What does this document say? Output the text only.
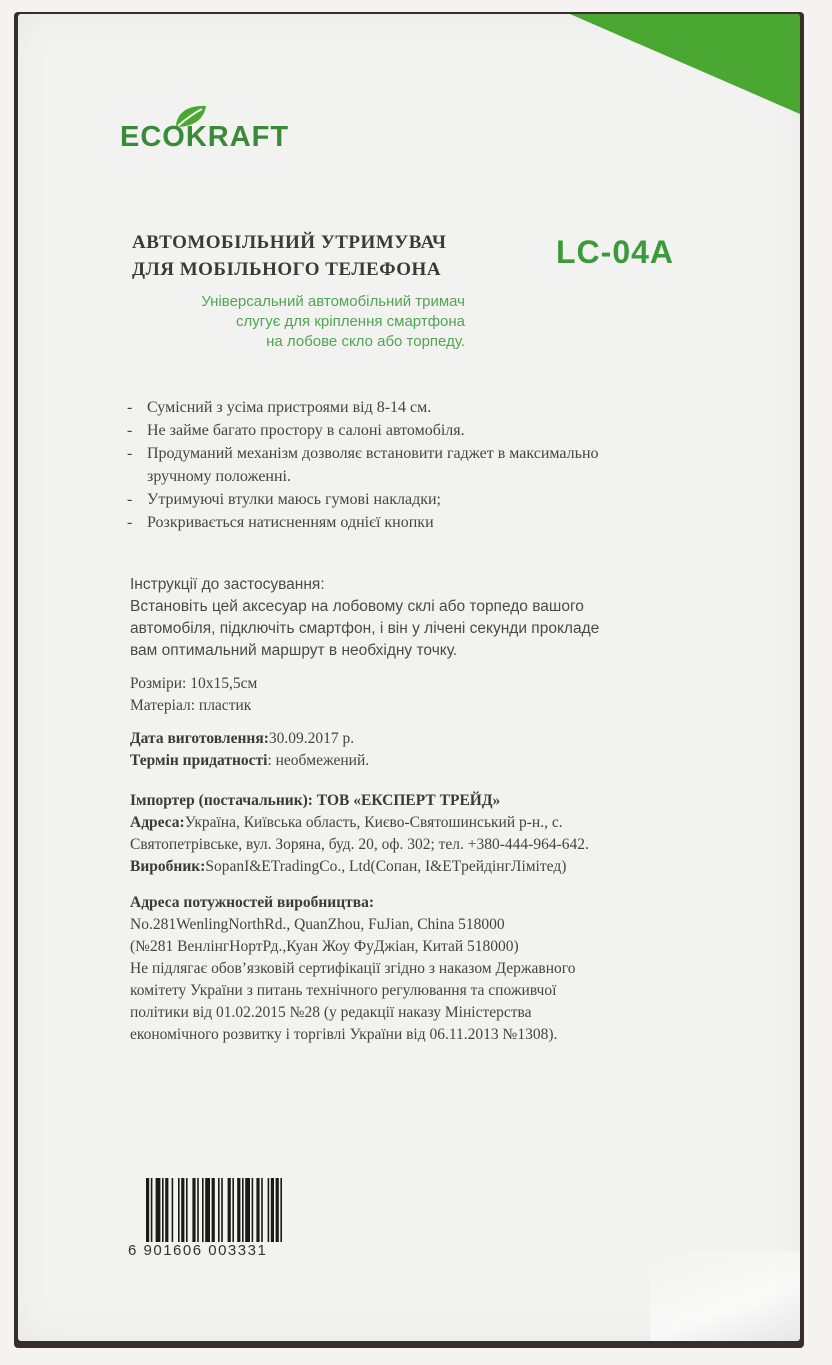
ECOKRAFT
АВТОМОБІЛЬНИЙ УТРИМУВАЧ
ДЛЯ МОБІЛЬНОГО ТЕЛЕФОНА	LC-04A
Універсальний автомобільний тримач
слугує для кріплення смартфона
на лобове скло або торпеду.
- Сумісний з усіма пристроями від 8-14 см.
- Не займе багато простору в салоні автомобіля.
- Продуманий механізм дозволяє встановити гаджет в максимально зручному положенні.
- Утримуючі втулки маюсь гумові накладки;
- Розкривається натисненням однієї кнопки
Інструкції до застосування:
Встановіть цей аксесуар на лобовому склі або торпедо вашого
автомобіля, підключіть смартфон, і він у лічені секунди прокладе
вам оптимальний маршрут в необхідну точку.
Розміри: 10x15,5см
Матеріал: пластик
Дата виготовлення:30.09.2017 р.
Термін придатності: необмежений.
Імпортер (постачальник): ТОВ «ЕКСПЕРТ ТРЕЙД»
Адреса:Україна, Київська область, Києво-Святошинський р-н., с.
Святопетрівське, вул. Зоряна, буд. 20, оф. 302; тел. +380-444-964-642.
Виробник:SopanI&ETradingCo., Ltd(Сопан, I&ETрейдінгЛімітед)
Адреса потужностей виробництва:
No.281WenlingNorthRd., QuanZhou, FuJian, China 518000
(№281 ВенлінгНортРд.,Куан Жоу ФуДжіан, Китай 518000)
Не підлягає обов’язковій сертифікації згідно з наказом Державного
комітету України з питань технічного регулювання та споживчої
політики від 01.02.2015 №28 (у редакції наказу Міністерства
економічного розвитку і торгівлі України від 06.11.2013 №1308).
6 901606 003331
